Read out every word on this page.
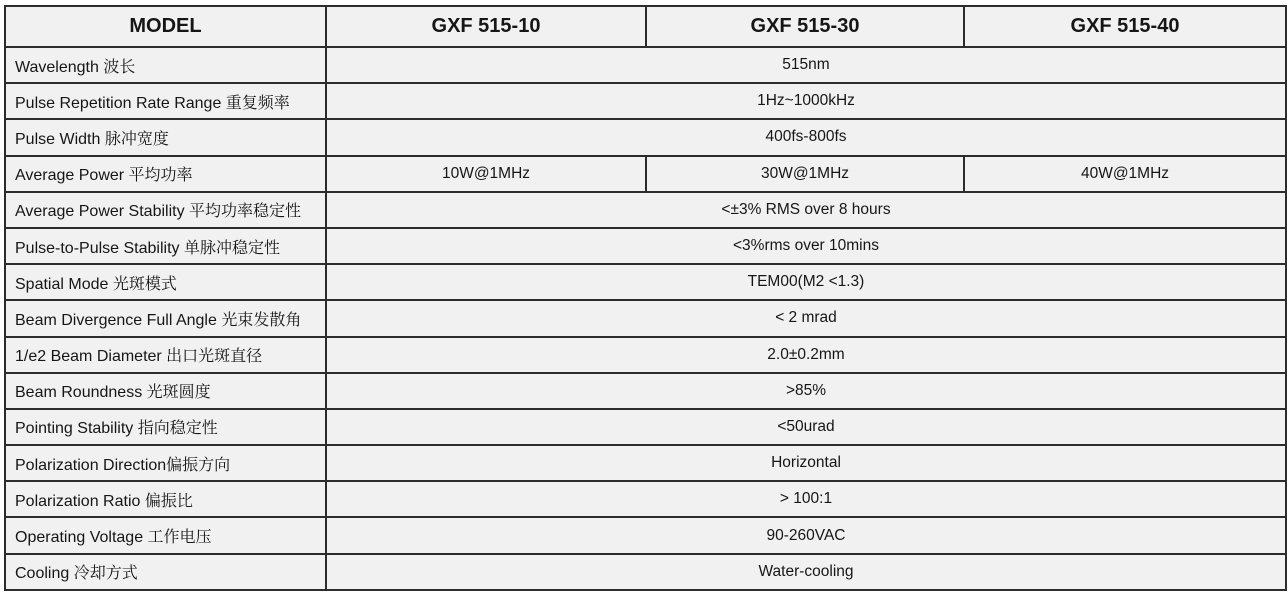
MODEL	GXF 515-10	GXF 515-30	GXF 515-40
Wavelength 波长	515nm		
Pulse Repetition Rate Range 重复频率	1Hz~1000kHz		
Pulse Width 脉冲宽度	400fs-800fs		
Average Power 平均功率	10W@1MHz	30W@1MHz	40W@1MHz
Average Power Stability 平均功率稳定性	<±3% RMS over 8 hours		
Pulse-to-Pulse Stability 单脉冲稳定性	<3%rms over 10mins		
Spatial Mode 光斑模式	TEM00(M2 <1.3)		
Beam Divergence Full Angle 光束发散角	< 2 mrad		
1/e2 Beam Diameter 出口光斑直径	2.0±0.2mm		
Beam Roundness 光斑圆度	>85%		
Pointing Stability 指向稳定性	<50urad		
Polarization Direction偏振方向	Horizontal		
Polarization Ratio 偏振比	> 100:1		
Operating Voltage 工作电压	90-260VAC		
Cooling 冷却方式	Water-cooling		
